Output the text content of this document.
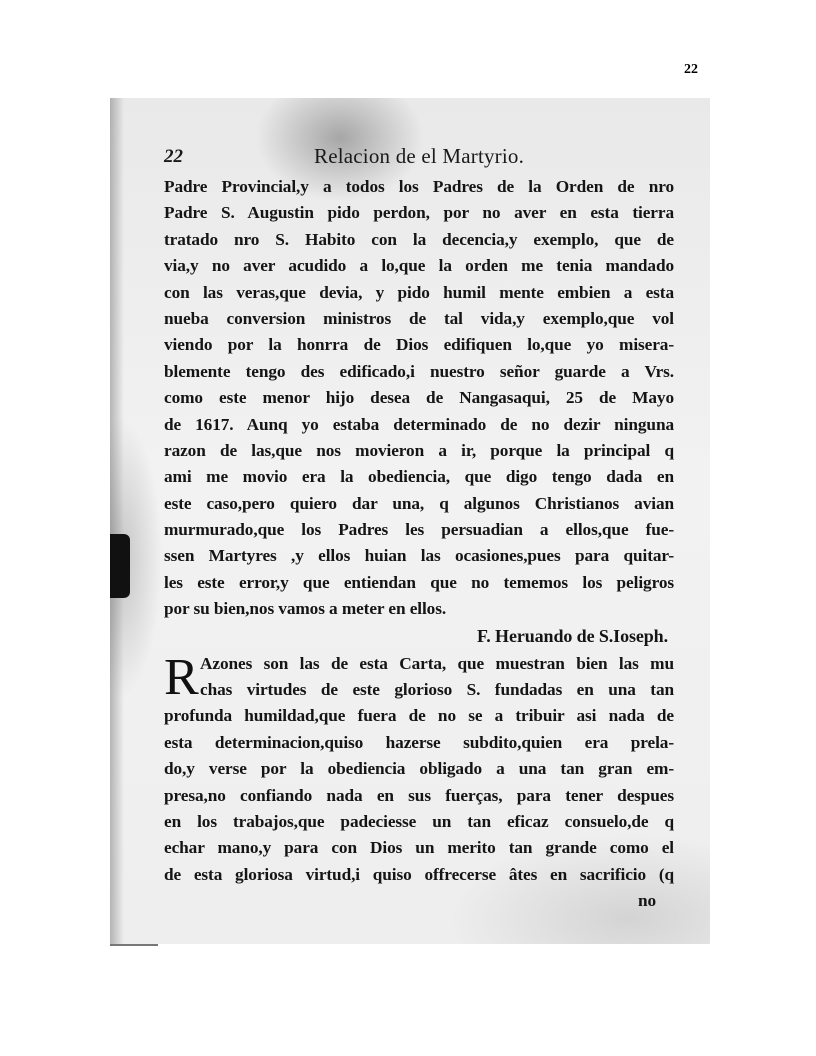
22
22	Relacion de el Martyrio.
Padre Provincial,y a todos los Padres de la Orden de nro
Padre S. Augustin pido perdon, por no aver en esta tierra
tratado nro S. Habito con la decencia,y exemplo, que de
via,y no aver acudido a lo,que la orden me tenia mandado
con las veras,que devia, y pido humil mente embien a esta
nueba conversion ministros de tal vida,y exemplo,que vol
viendo por la honrra de Dios edifiquen lo,que yo misera-
blemente tengo des edificado,i nuestro señor guarde a Vrs.
como este menor hijo desea de Nangasaqui, 25 de Mayo
de 1617. Aunq yo estaba determinado de no dezir ninguna
razon de las,que nos movieron a ir, porque la principal q
ami me movio era la obediencia, que digo tengo dada en
este caso,pero quiero dar una, q algunos Christianos avian
murmurado,que los Padres les persuadian a ellos,que fue-
ssen Martyres ,y ellos huian las ocasiones,pues para quitar-
les este error,y que entiendan que no tememos los peligros
por su bien,nos vamos a meter en ellos.
F. Heruando de S.Ioseph.
R Azones son las de esta Carta, que muestran bien las mu
chas virtudes de este glorioso S. fundadas en una tan
profunda humildad,que fuera de no se a tribuir asi nada de
esta determinacion,quiso hazerse subdito,quien era prela-
do,y verse por la obediencia obligado a una tan gran em-
presa,no confiando nada en sus fuerças, para tener despues
en los trabajos,que padeciesse un tan eficaz consuelo,de q
echar mano,y para con Dios un merito tan grande como el
de esta gloriosa virtud,i quiso offrecerse âtes en sacrificio (q
no
